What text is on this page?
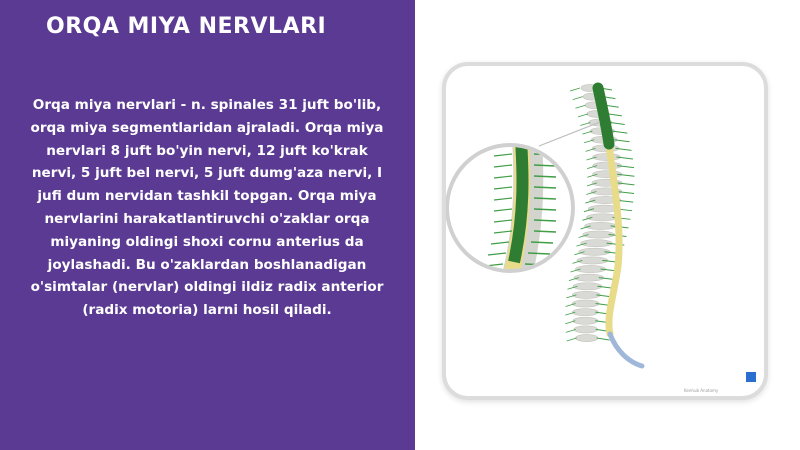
ORQA MIYA NERVLARI

Orqa miya nervlari - n. spinales 31 juft bo'lib, orqa miya segmentlaridan ajraladi. Orqa miya nervlari 8 juft bo'yin nervi, 12 juft ko'krak nervi, 5 juft bel nervi, 5 juft dumg'aza nervi, I jufi dum nervidan tashkil topgan. Orqa miya nervlarini harakatlantiruvchi o'zaklar orqa miyaning oldingi shoxi cornu anterius da joylashadi. Bu o'zaklardan boshlanadigan o'simtalar (nervlar) oldingi ildiz radix anterior (radix motoria) larni hosil qiladi.

Kenhub Anatomy
